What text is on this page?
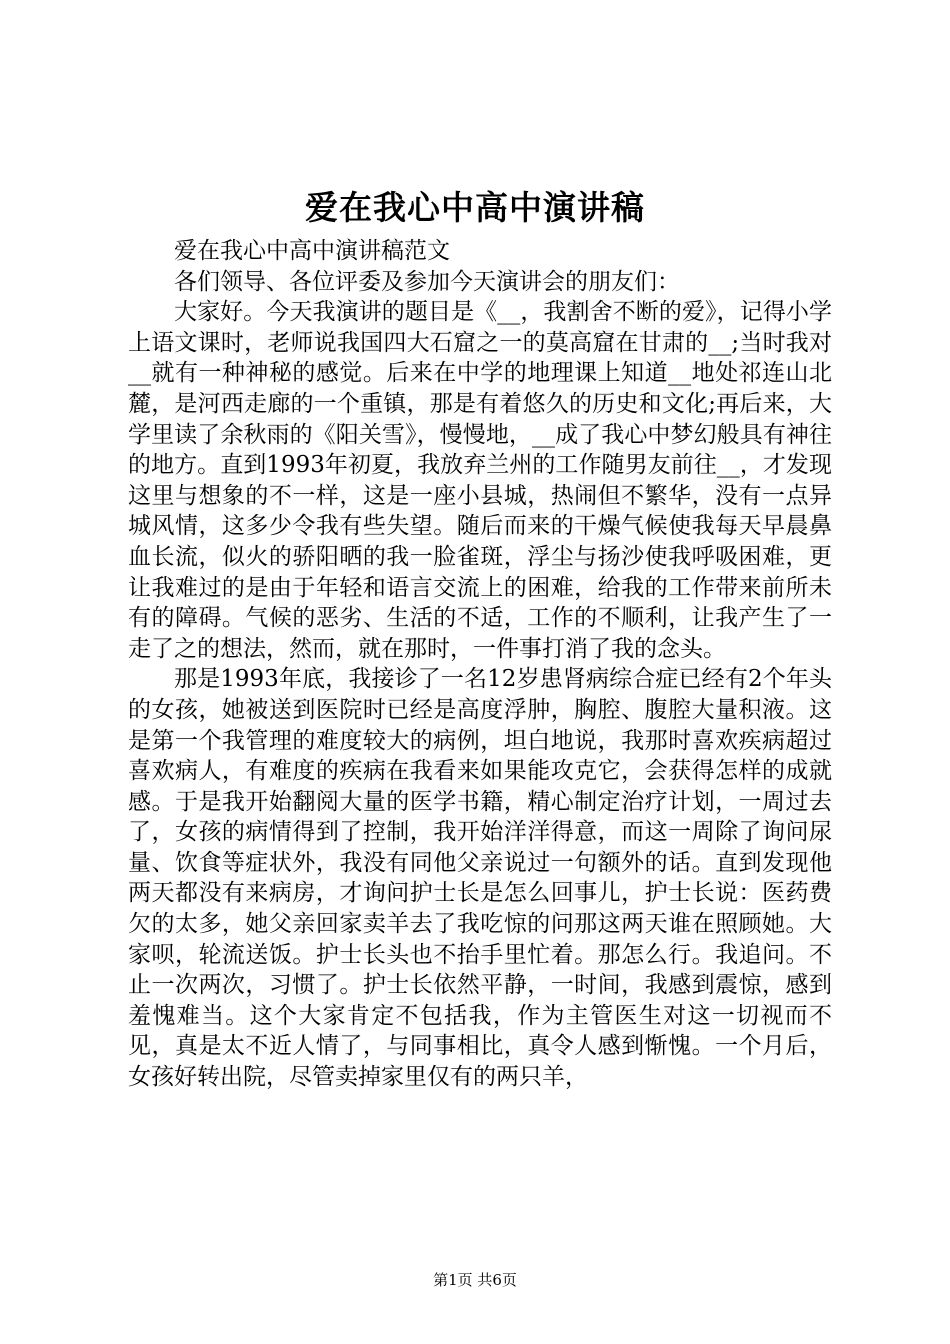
爱在我心中高中演讲稿

爱在我心中高中演讲稿范文

各们领导、各位评委及参加今天演讲会的朋友们：

大家好。今天我演讲的题目是《__，我割舍不断的爱》，记得小学上语文课时，老师说我国四大石窟之一的莫高窟在甘肃的__;当时我对__就有一种神秘的感觉。后来在中学的地理课上知道__地处祁连山北麓，是河西走廊的一个重镇，那是有着悠久的历史和文化;再后来，大学里读了余秋雨的《阳关雪》，慢慢地，__成了我心中梦幻般具有神往的地方。直到1993年初夏，我放弃兰州的工作随男友前往__，才发现这里与想象的不一样，这是一座小县城，热闹但不繁华，没有一点异城风情，这多少令我有些失望。随后而来的干燥气候使我每天早晨鼻血长流，似火的骄阳晒的我一脸雀斑，浮尘与扬沙使我呼吸困难，更让我难过的是由于年轻和语言交流上的困难，给我的工作带来前所未有的障碍。气候的恶劣、生活的不适，工作的不顺利，让我产生了一走了之的想法，然而，就在那时，一件事打消了我的念头。

那是1993年底，我接诊了一名12岁患肾病综合症已经有2个年头的女孩，她被送到医院时已经是高度浮肿，胸腔、腹腔大量积液。这是第一个我管理的难度较大的病例，坦白地说，我那时喜欢疾病超过喜欢病人，有难度的疾病在我看来如果能攻克它，会获得怎样的成就感。于是我开始翻阅大量的医学书籍，精心制定治疗计划，一周过去了，女孩的病情得到了控制，我开始洋洋得意，而这一周除了询问尿量、饮食等症状外，我没有同他父亲说过一句额外的话。直到发现他两天都没有来病房，才询问护士长是怎么回事儿，护士长说：医药费欠的太多，她父亲回家卖羊去了我吃惊的问那这两天谁在照顾她。大家呗，轮流送饭。护士长头也不抬手里忙着。那怎么行。我追问。不止一次两次，习惯了。护士长依然平静，一时间，我感到震惊，感到羞愧难当。这个大家肯定不包括我，作为主管医生对这一切视而不见，真是太不近人情了，与同事相比，真令人感到惭愧。一个月后，女孩好转出院，尽管卖掉家里仅有的两只羊，

第1页 共6页
